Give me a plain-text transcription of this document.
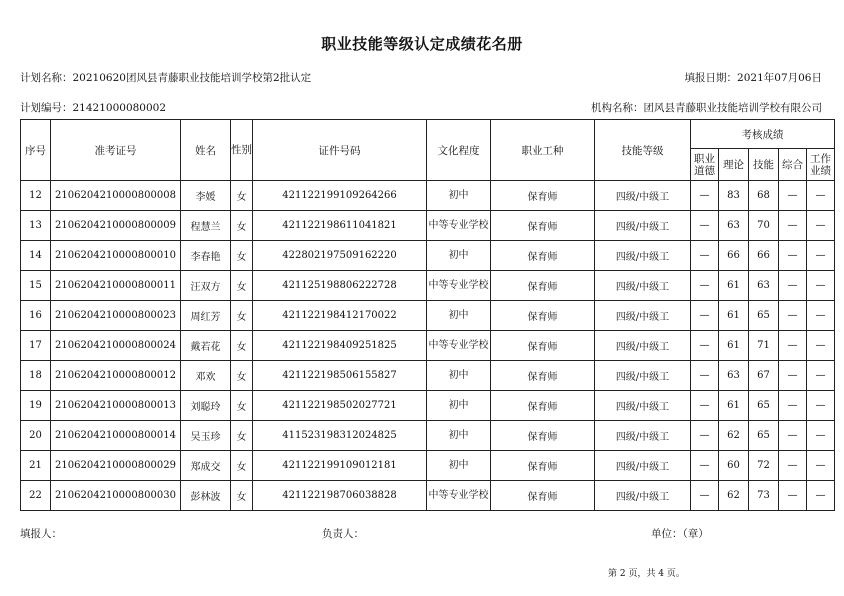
职业技能等级认定成绩花名册
计划名称：20210620团风县青藤职业技能培训学校第2批认定	填报日期：2021年07月06日
计划编号：21421000080002	机构名称：团风县青藤职业技能培训学校有限公司
序号	准考证号	姓名	性别	证件号码	文化程度	职业工种	技能等级	考核成绩				
								职业道德	理论	技能	综合	工作业绩
12	2106204210000800008	李媛	女	421122199109264266	初中	保育师	四级/中级工	—	83	68	—	—
13	2106204210000800009	程慧兰	女	421122198611041821	中等专业学校	保育师	四级/中级工	—	63	70	—	—
14	2106204210000800010	李春艳	女	422802197509162220	初中	保育师	四级/中级工	—	66	66	—	—
15	2106204210000800011	汪双方	女	421125198806222728	中等专业学校	保育师	四级/中级工	—	61	63	—	—
16	2106204210000800023	周红芳	女	421122198412170022	初中	保育师	四级/中级工	—	61	65	—	—
17	2106204210000800024	戴若花	女	421122198409251825	中等专业学校	保育师	四级/中级工	—	61	71	—	—
18	2106204210000800012	邓欢	女	421122198506155827	初中	保育师	四级/中级工	—	63	67	—	—
19	2106204210000800013	刘聪玲	女	421122198502027721	初中	保育师	四级/中级工	—	61	65	—	—
20	2106204210000800014	吴玉珍	女	411523198312024825	初中	保育师	四级/中级工	—	62	65	—	—
21	2106204210000800029	郑成交	女	421122199109012181	初中	保育师	四级/中级工	—	60	72	—	—
22	2106204210000800030	彭林波	女	421122198706038828	中等专业学校	保育师	四级/中级工	—	62	73	—	—
填报人：	负责人：	单位：（章）
第 2 页，共 4 页。
